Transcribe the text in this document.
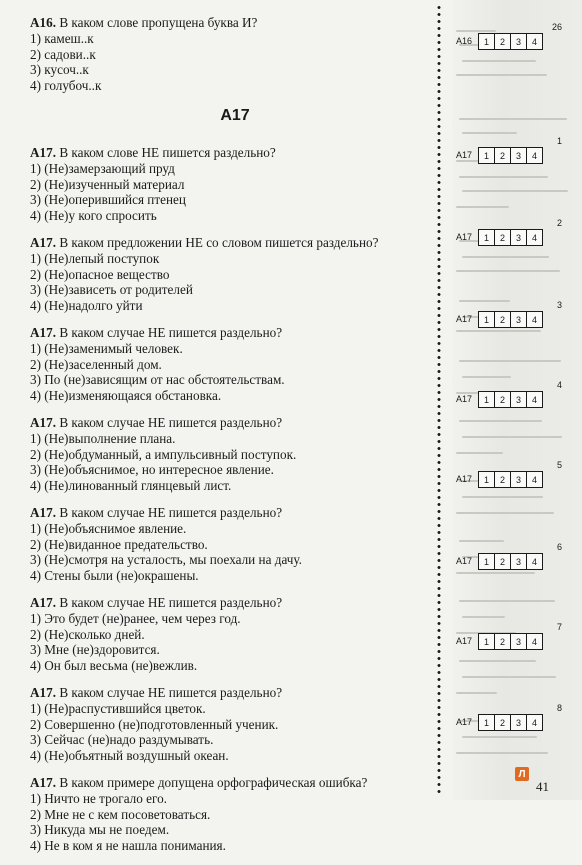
А16. В каком слове пропущена буква И?

1) камеш..к

2) садови..к

3) кусоч..к

4) голубоч..к

А17

А17. В каком слове НЕ пишется раздельно?

1) (Не)замерзающий пруд

2) (Не)изученный материал

3) (Не)оперившийся птенец

4) (Не)у кого спросить

А17. В каком предложении НЕ со словом пишется раздельно?

1) (Не)лепый поступок

2) (Не)опасное вещество

3) (Не)зависеть от родителей

4) (Не)надолго уйти

А17. В каком случае НЕ пишется раздельно?

1) (Не)заменимый человек.

2) (Не)заселенный дом.

3) По (не)зависящим от нас обстоятельствам.

4) (Не)изменяющаяся обстановка.

А17. В каком случае НЕ пишется раздельно?

1) (Не)выполнение плана.

2) (Не)обдуманный, а импульсивный поступок.

3) (Не)объяснимое, но интересное явление.

4) (Не)линованный глянцевый лист.

А17. В каком случае НЕ пишется раздельно?

1) (Не)объяснимое явление.

2) (Не)виданное предательство.

3) (Не)смотря на усталость, мы поехали на дачу.

4) Стены были (не)окрашены.

А17. В каком случае НЕ пишется раздельно?

1) Это будет (не)ранее, чем через год.

2) (Не)сколько дней.

3) Мне (не)здоровится.

4) Он был весьма (не)вежлив.

А17. В каком случае НЕ пишется раздельно?

1) (Не)распустившийся цветок.

2) Совершенно (не)подготовленный ученик.

3) Сейчас (не)надо раздумывать.

4) (Не)объятный воздушный океан.

А17. В каком примере допущена орфографическая ошибка?

1) Ничто не трогало его.

2) Мне не с кем посоветоваться.

3) Никуда мы не поедем.

4) Не в ком я не нашла понимания.

26
А16	1	2	3	4
1
А17	1	2	3	4
2
А17	1	2	3	4
3
А17	1	2	3	4
4
А17	1	2	3	4
5
А17	1	2	3	4
6
А17	1	2	3	4
7
А17	1	2	3	4
8
А17	1	2	3	4
Л
41
